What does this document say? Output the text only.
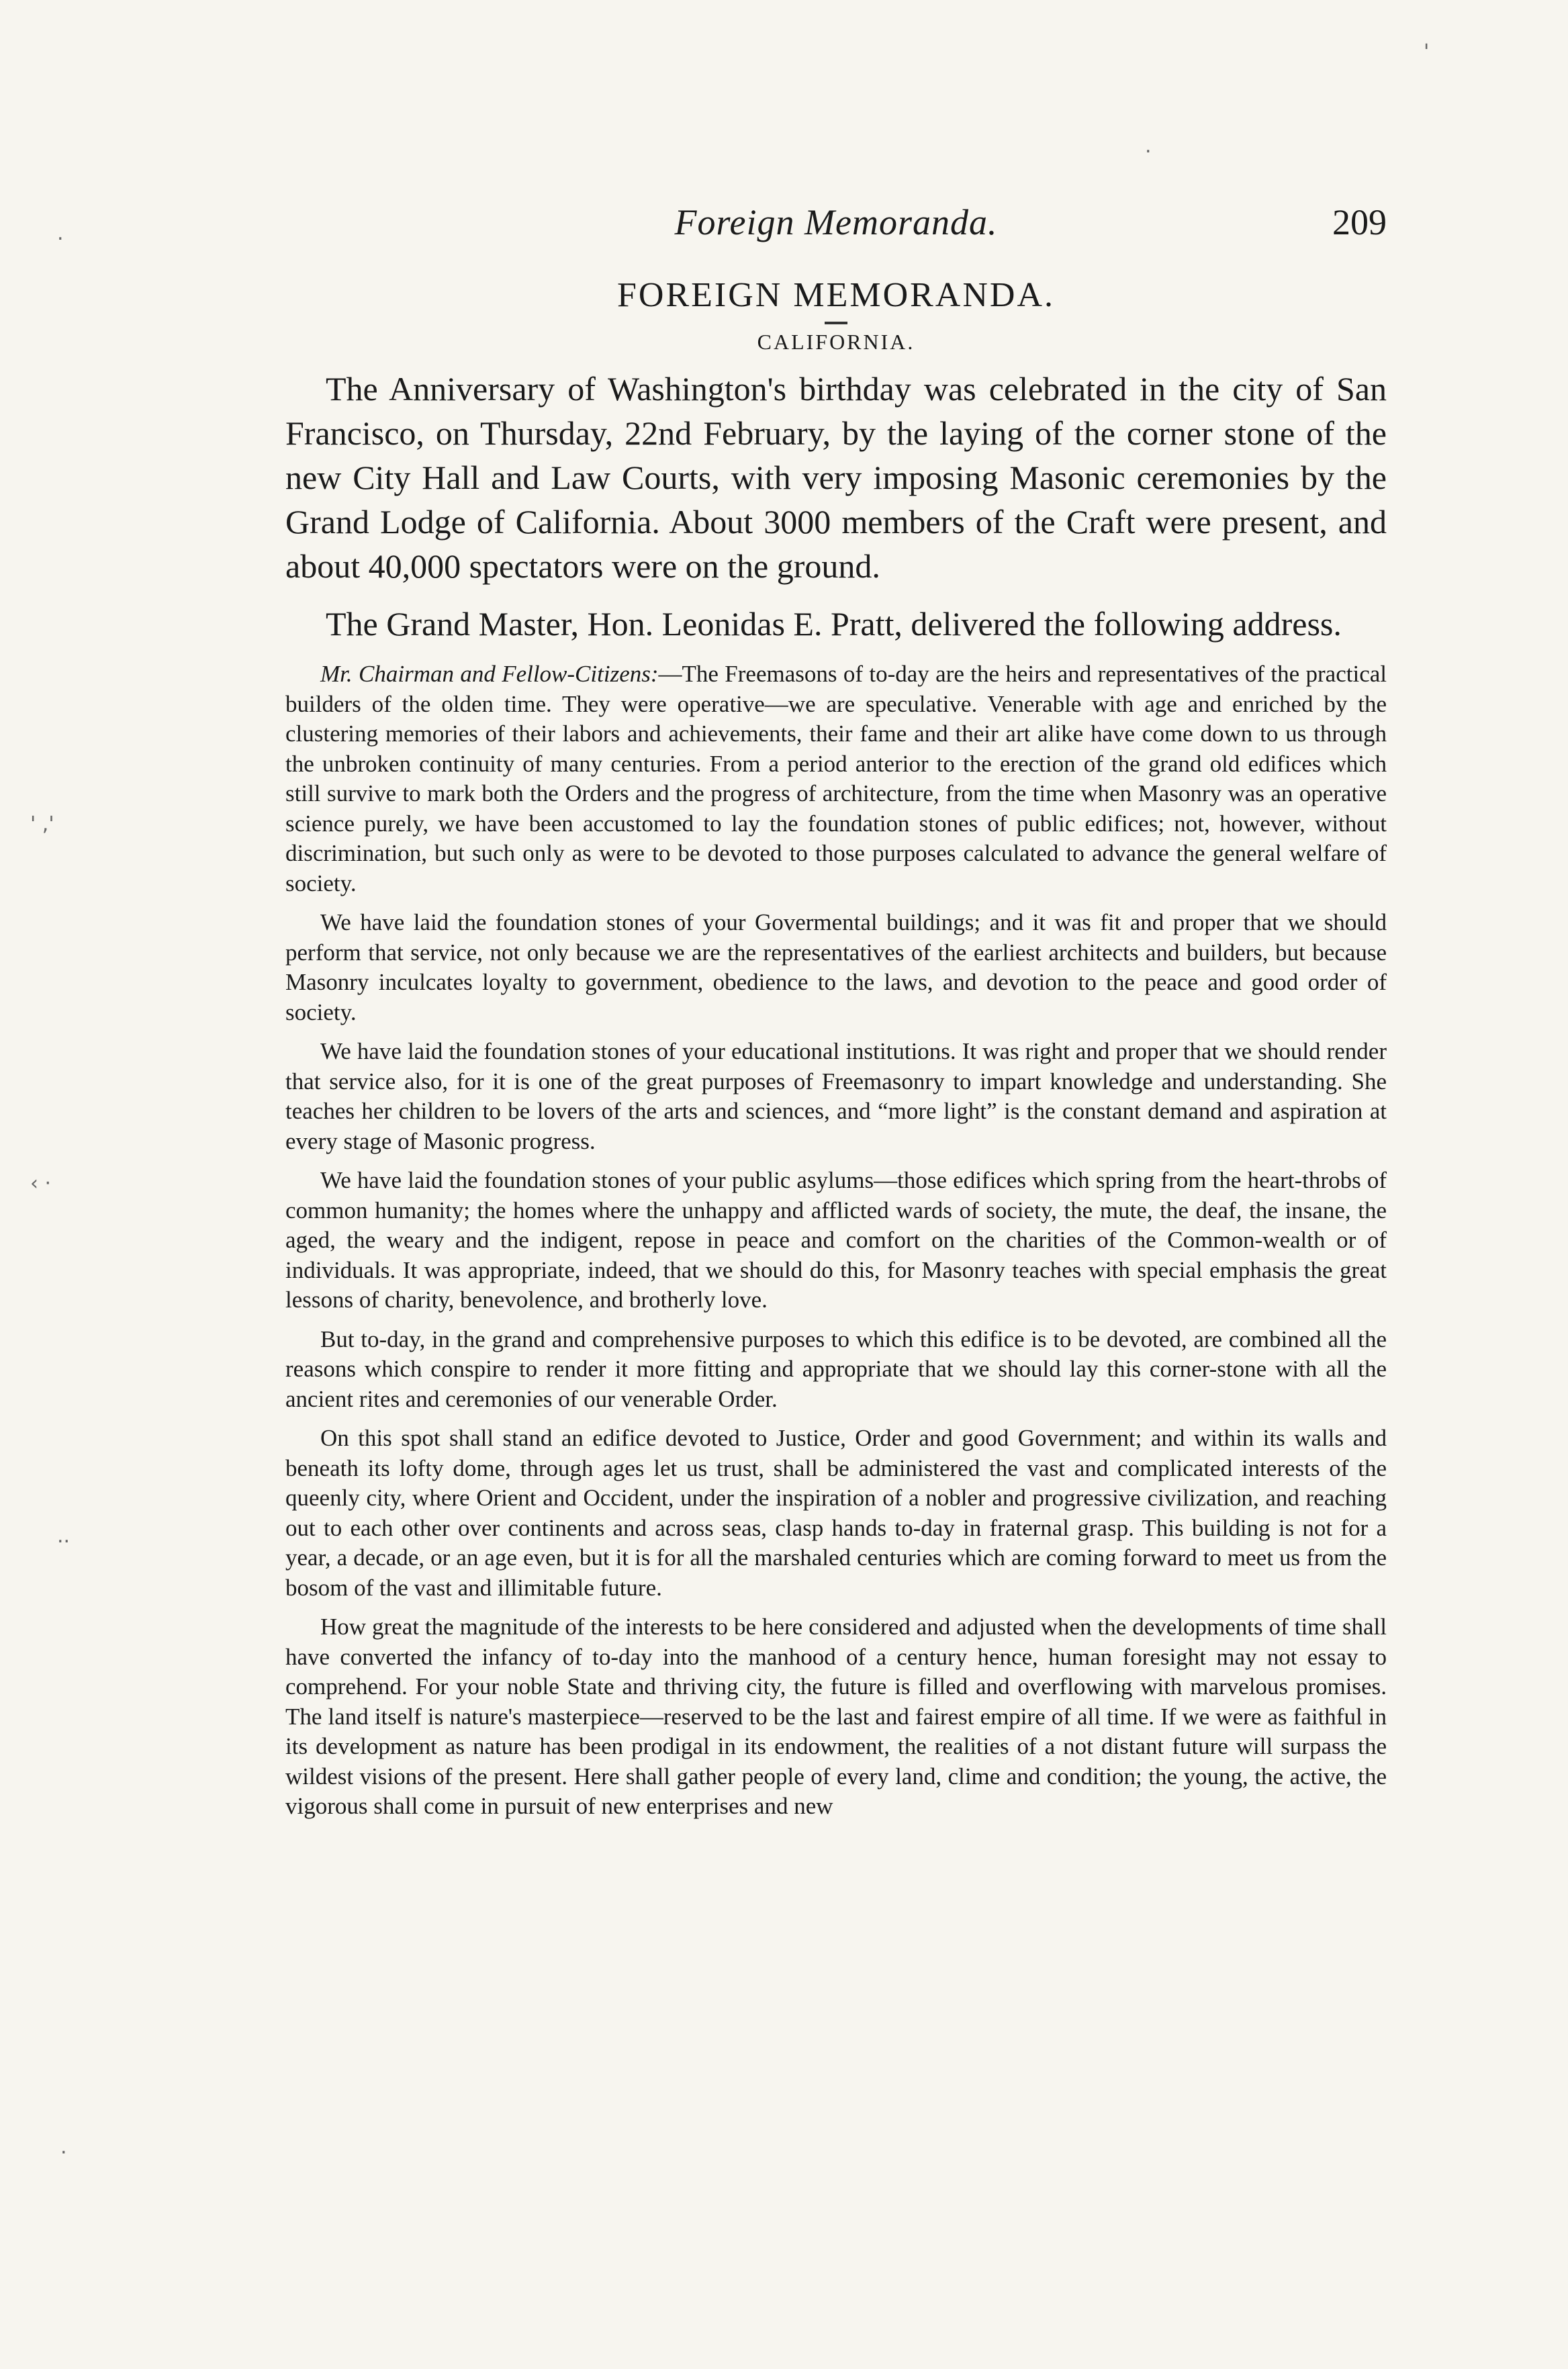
'
.
.
' ,'
‹ ·
..
.
Foreign Memoranda.	209
FOREIGN MEMORANDA.
CALIFORNIA.

The Anniversary of Washington's birthday was celebrated in the city of San Francisco, on Thursday, 22nd February, by the laying of the corner stone of the new City Hall and Law Courts, with very imposing Masonic ceremonies by the Grand Lodge of California. About 3000 members of the Craft were present, and about 40,000 spectators were on the ground.

The Grand Master, Hon. Leonidas E. Pratt, delivered the following address.

Mr. Chairman and Fellow-Citizens:—The Freemasons of to-day are the heirs and representatives of the practical builders of the olden time. They were operative—we are speculative. Venerable with age and enriched by the clustering memories of their labors and achievements, their fame and their art alike have come down to us through the unbroken continuity of many centuries. From a period anterior to the erection of the grand old edifices which still survive to mark both the Orders and the progress of architecture, from the time when Masonry was an operative science purely, we have been accustomed to lay the foundation stones of public edifices; not, however, without discrimination, but such only as were to be devoted to those purposes calculated to advance the general welfare of society.

We have laid the foundation stones of your Govermental buildings; and it was fit and proper that we should perform that service, not only because we are the representatives of the earliest architects and builders, but because Masonry inculcates loyalty to government, obedience to the laws, and devotion to the peace and good order of society.

We have laid the foundation stones of your educational institutions. It was right and proper that we should render that service also, for it is one of the great purposes of Freemasonry to impart knowledge and understanding. She teaches her children to be lovers of the arts and sciences, and “more light” is the constant demand and aspiration at every stage of Masonic progress.

We have laid the foundation stones of your public asylums—those edifices which spring from the heart-throbs of common humanity; the homes where the unhappy and afflicted wards of society, the mute, the deaf, the insane, the aged, the weary and the indigent, repose in peace and comfort on the charities of the Common-wealth or of individuals. It was appropriate, indeed, that we should do this, for Masonry teaches with special emphasis the great lessons of charity, benevolence, and brotherly love.

But to-day, in the grand and comprehensive purposes to which this edifice is to be devoted, are combined all the reasons which conspire to render it more fitting and appropriate that we should lay this corner-stone with all the ancient rites and ceremonies of our venerable Order.

On this spot shall stand an edifice devoted to Justice, Order and good Government; and within its walls and beneath its lofty dome, through ages let us trust, shall be administered the vast and complicated interests of the queenly city, where Orient and Occident, under the inspiration of a nobler and progressive civilization, and reaching out to each other over continents and across seas, clasp hands to-day in fraternal grasp. This building is not for a year, a decade, or an age even, but it is for all the marshaled centuries which are coming forward to meet us from the bosom of the vast and illimitable future.

How great the magnitude of the interests to be here considered and adjusted when the developments of time shall have converted the infancy of to-day into the manhood of a century hence, human foresight may not essay to comprehend. For your noble State and thriving city, the future is filled and overflowing with marvelous promises. The land itself is nature's masterpiece—reserved to be the last and fairest empire of all time. If we were as faithful in its development as nature has been prodigal in its endowment, the realities of a not distant future will surpass the wildest visions of the present. Here shall gather people of every land, clime and condition; the young, the active, the vigorous shall come in pursuit of new enterprises and new
